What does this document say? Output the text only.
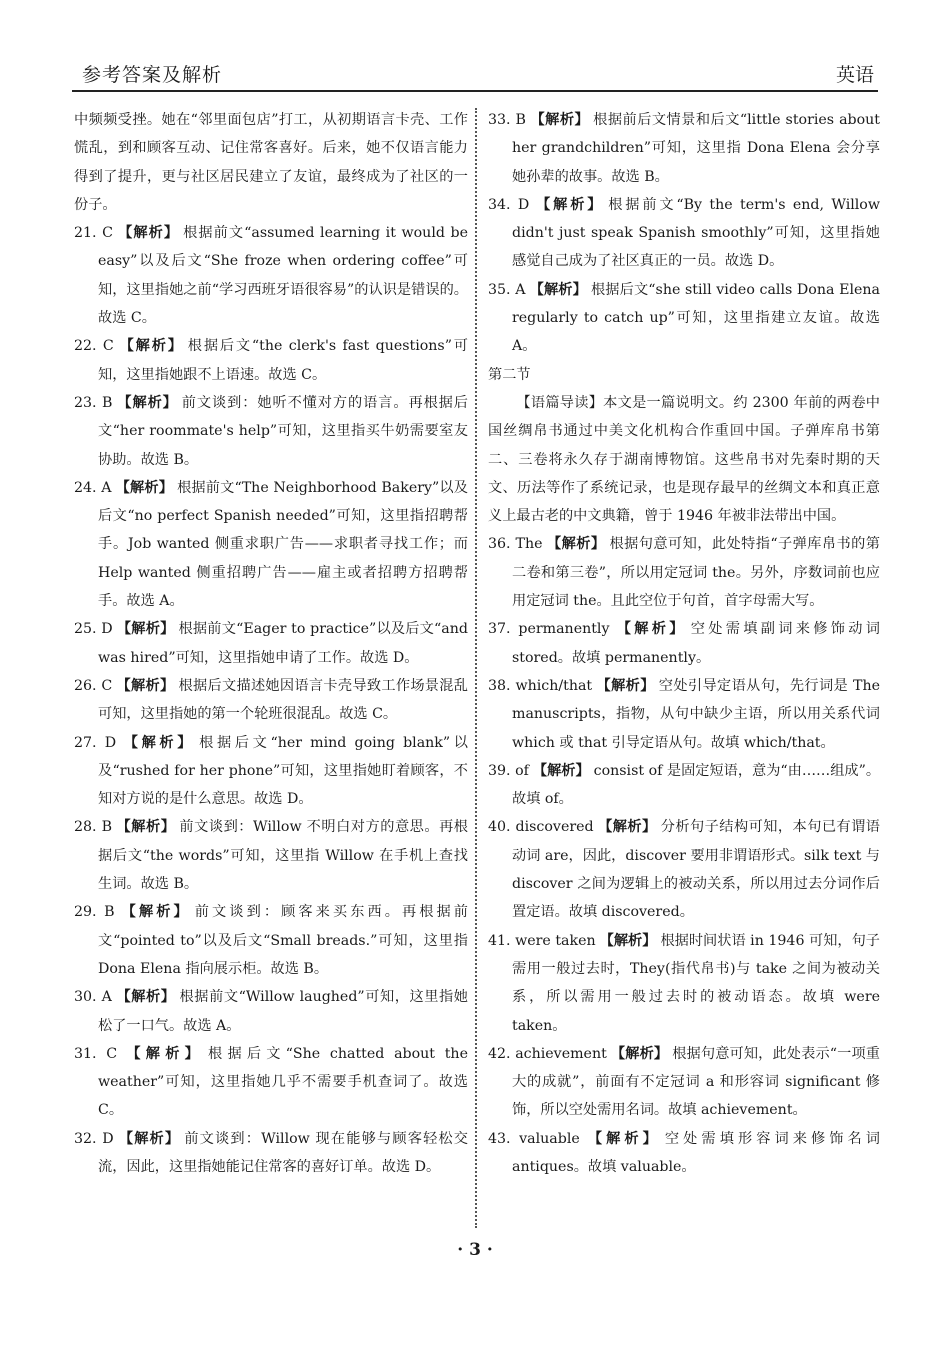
参考答案及解析	英语

中频频受挫。她在“邻里面包店”打工，从初期语言卡壳、工作慌乱，到和顾客互动、记住常客喜好。后来，她不仅语言能力得到了提升，更与社区居民建立了友谊，最终成为了社区的一份子。

21. C 【解析】 根据前文“assumed learning it would be easy”以及后文“She froze when ordering coffee”可知，这里指她之前“学习西班牙语很容易”的认识是错误的。故选 C。

22. C 【解析】 根据后文“the clerk's fast questions”可知，这里指她跟不上语速。故选 C。

23. B 【解析】 前文谈到：她听不懂对方的语言。再根据后文“her roommate's help”可知，这里指买牛奶需要室友协助。故选 B。

24. A 【解析】 根据前文“The Neighborhood Bakery”以及后文“no perfect Spanish needed”可知，这里指招聘帮手。Job wanted 侧重求职广告——求职者寻找工作；而 Help wanted 侧重招聘广告——雇主或者招聘方招聘帮手。故选 A。

25. D 【解析】 根据前文“Eager to practice”以及后文“and was hired”可知，这里指她申请了工作。故选 D。

26. C 【解析】 根据后文描述她因语言卡壳导致工作场景混乱可知，这里指她的第一个轮班很混乱。故选 C。

27. D 【解析】 根据后文“her mind going blank”以及“rushed for her phone”可知，这里指她盯着顾客，不知对方说的是什么意思。故选 D。

28. B 【解析】 前文谈到：Willow 不明白对方的意思。再根据后文“the words”可知，这里指 Willow 在手机上查找生词。故选 B。

29. B 【解析】 前文谈到：顾客来买东西。再根据前文“pointed to”以及后文“Small breads.”可知，这里指 Dona Elena 指向展示柜。故选 B。

30. A 【解析】 根据前文“Willow laughed”可知，这里指她松了一口气。故选 A。

31. C 【解析】 根据后文“She chatted about the weather”可知，这里指她几乎不需要手机查词了。故选 C。

32. D 【解析】 前文谈到：Willow 现在能够与顾客轻松交流，因此，这里指她能记住常客的喜好订单。故选 D。

33. B 【解析】 根据前后文情景和后文“little stories about her grandchildren”可知，这里指 Dona Elena 会分享她孙辈的故事。故选 B。

34. D 【解析】 根据前文“By the term's end, Willow didn't just speak Spanish smoothly”可知，这里指她感觉自己成为了社区真正的一员。故选 D。

35. A 【解析】 根据后文“she still video calls Dona Elena regularly to catch up”可知，这里指建立友谊。故选 A。

第二节

【语篇导读】本文是一篇说明文。约 2300 年前的两卷中国丝绸帛书通过中美文化机构合作重回中国。子弹库帛书第二、三卷将永久存于湖南博物馆。这些帛书对先秦时期的天文、历法等作了系统记录，也是现存最早的丝绸文本和真正意义上最古老的中文典籍，曾于 1946 年被非法带出中国。

36. The 【解析】 根据句意可知，此处特指“子弹库帛书的第二卷和第三卷”，所以用定冠词 the。另外，序数词前也应用定冠词 the。且此空位于句首，首字母需大写。

37. permanently 【解析】 空处需填副词来修饰动词 stored。故填 permanently。

38. which/that 【解析】 空处引导定语从句，先行词是 The manuscripts，指物，从句中缺少主语，所以用关系代词 which 或 that 引导定语从句。故填 which/that。

39. of 【解析】 consist of 是固定短语，意为“由……组成”。故填 of。

40. discovered 【解析】 分析句子结构可知，本句已有谓语动词 are，因此，discover 要用非谓语形式。silk text 与 discover 之间为逻辑上的被动关系，所以用过去分词作后置定语。故填 discovered。

41. were taken 【解析】 根据时间状语 in 1946 可知，句子需用一般过去时，They(指代帛书)与 take 之间为被动关系，所以需用一般过去时的被动语态。故填 were taken。

42. achievement 【解析】 根据句意可知，此处表示“一项重大的成就”，前面有不定冠词 a 和形容词 significant 修饰，所以空处需用名词。故填 achievement。

43. valuable 【解析】 空处需填形容词来修饰名词 antiques。故填 valuable。

· 3 ·
